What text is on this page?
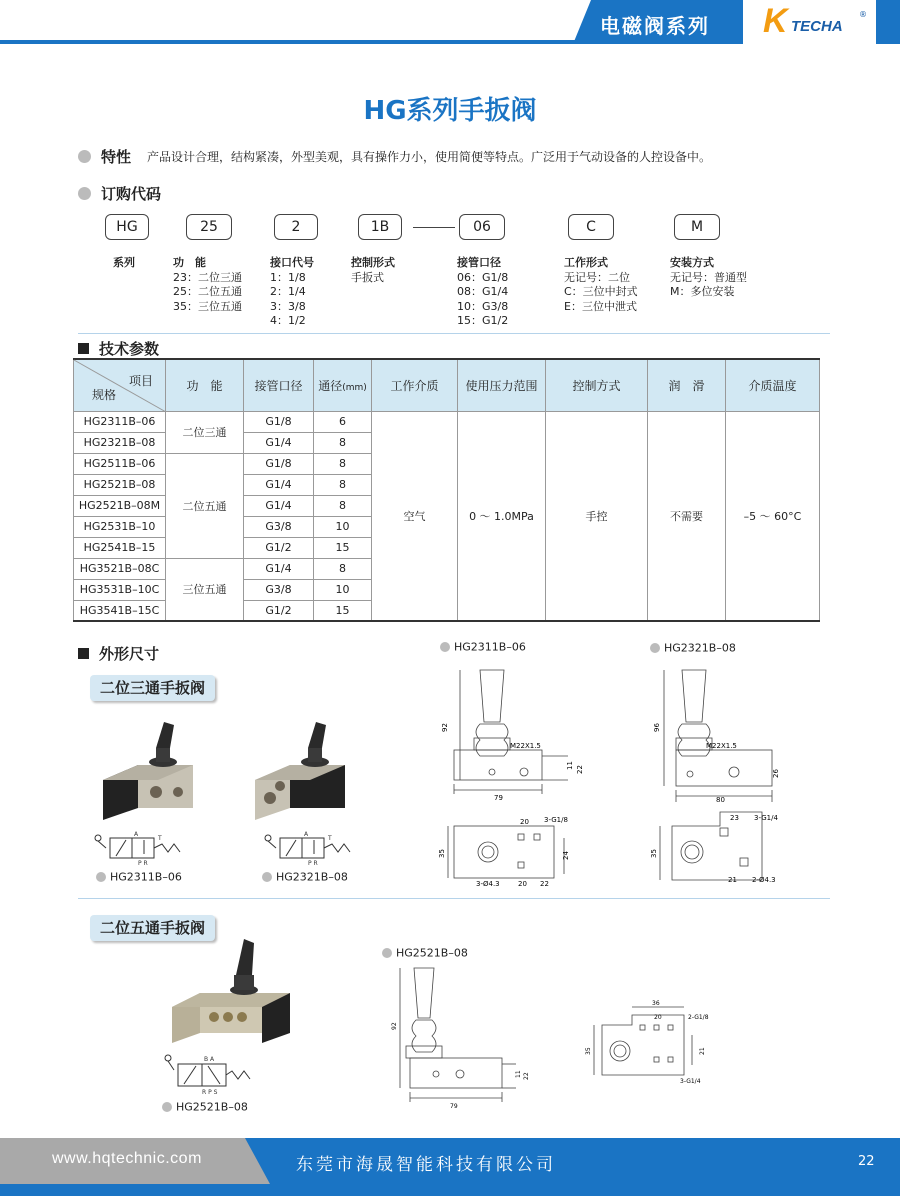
电磁阀系列 K TECHA
®
HG系列手扳阀
特性 产品设计合理，结构紧凑，外型美观，具有操作力小，使用简便等特点。广泛用于气动设备的人控设备中。
订购代码
HG	25	2	1B	06	C	M
系列	功　能
23：二位三通
25：二位五通
35：三位五通
接口代号
1：1/8
2：1/4
3：3/8
4：1/2
控制形式
手扳式
接管口径
06：G1/8
08：G1/4
10：G3/8
15：G1/2
工作形式
无记号：二位
C：三位中封式
E：三位中泄式
安装方式
无记号：普通型
M：多位安装
技术参数
项目
规格	功　能	接管口径	通径(mm)	工作介质	使用压力范围	控制方式	润　滑	介质温度
HG2311B–06	二位三通	G1/8	6	空气	0 ～ 1.0MPa	手控	不需要	–5 ～ 60°C
HG2321B–08		G1/4	8					
HG2511B–06	二位五通	G1/8	8					
HG2521B–08		G1/4	8					
HG2521B–08M		G1/4	8					
HG2531B–10		G3/8	10					
HG2541B–15		G1/2	15					
HG3521B–08C	三位五通	G1/4	8					
HG3531B–10C		G3/8	10					
HG3541B–15C		G1/2	15					
外形尺寸
二位三通手扳阀
A
T
P R
A
T
P R
HG2311B–06	HG2321B–08
HG2311B–06	HG2321B–08
92
M22X1.5
79
11 22
20 3-G1/8
35	24
3-Ø4.3	20 22
96
M22X1.5
80
26
23 3-G1/4
35
21 2-Ø4.3
二位五通手扳阀
B A
R P S
HG2521B–08
HG2521B–08
92
11 22
79
36
20	2-G1/8
35	21
3-G1/4
www.hqtechnic.com	东莞市海晟智能科技有限公司	22
